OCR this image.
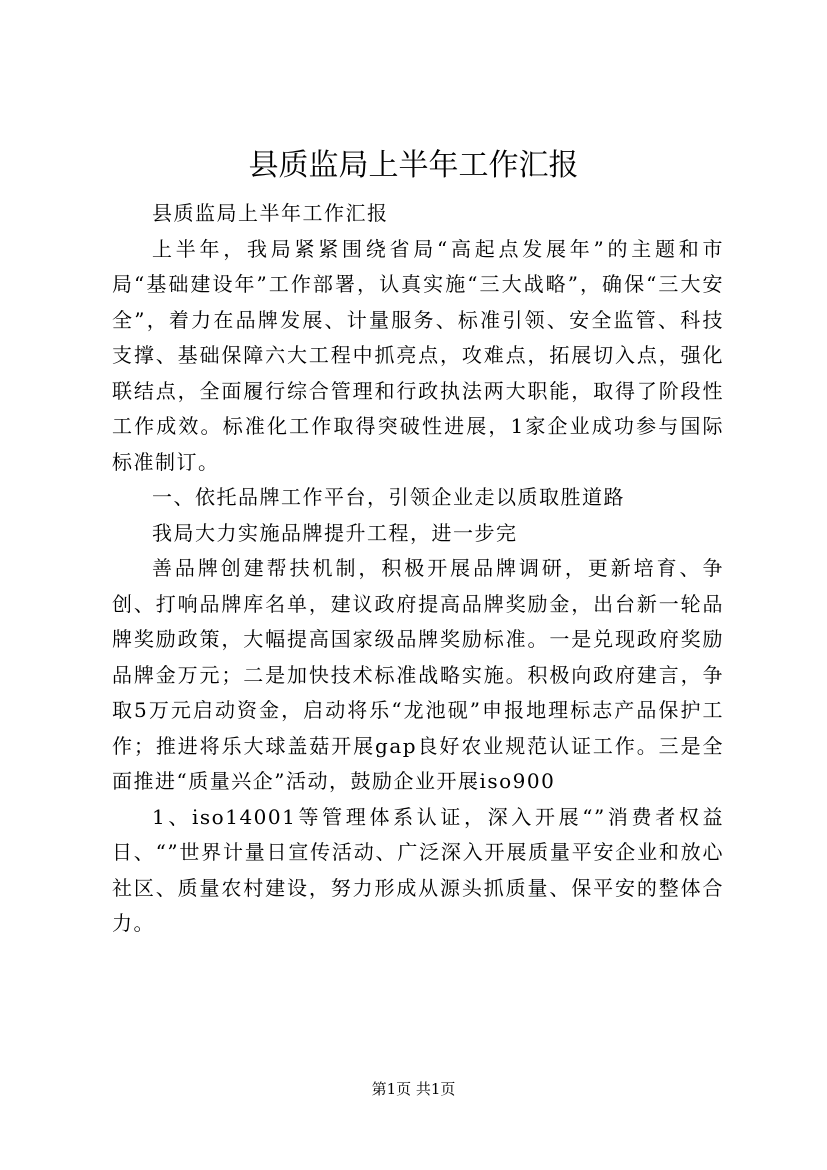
县质监局上半年工作汇报

县质监局上半年工作汇报

上半年，我局紧紧围绕省局“高起点发展年”的主题和市局“基础建设年”工作部署，认真实施“三大战略”，确保“三大安全”，着力在品牌发展、计量服务、标准引领、安全监管、科技支撑、基础保障六大工程中抓亮点，攻难点，拓展切入点，强化联结点，全面履行综合管理和行政执法两大职能，取得了阶段性工作成效。标准化工作取得突破性进展，1家企业成功参与国际标准制订。

一、依托品牌工作平台，引领企业走以质取胜道路

我局大力实施品牌提升工程，进一步完

善品牌创建帮扶机制，积极开展品牌调研，更新培育、争创、打响品牌库名单，建议政府提高品牌奖励金，出台新一轮品牌奖励政策，大幅提高国家级品牌奖励标准。一是兑现政府奖励品牌金万元；二是加快技术标准战略实施。积极向政府建言，争取5万元启动资金，启动将乐“龙池砚”申报地理标志产品保护工作；推进将乐大球盖菇开展gap良好农业规范认证工作。三是全面推进“质量兴企”活动，鼓励企业开展iso900

1、iso14001等管理体系认证，深入开展“”消费者权益日、“”世界计量日宣传活动、广泛深入开展质量平安企业和放心社区、质量农村建设，努力形成从源头抓质量、保平安的整体合力。

第1页 共1页
